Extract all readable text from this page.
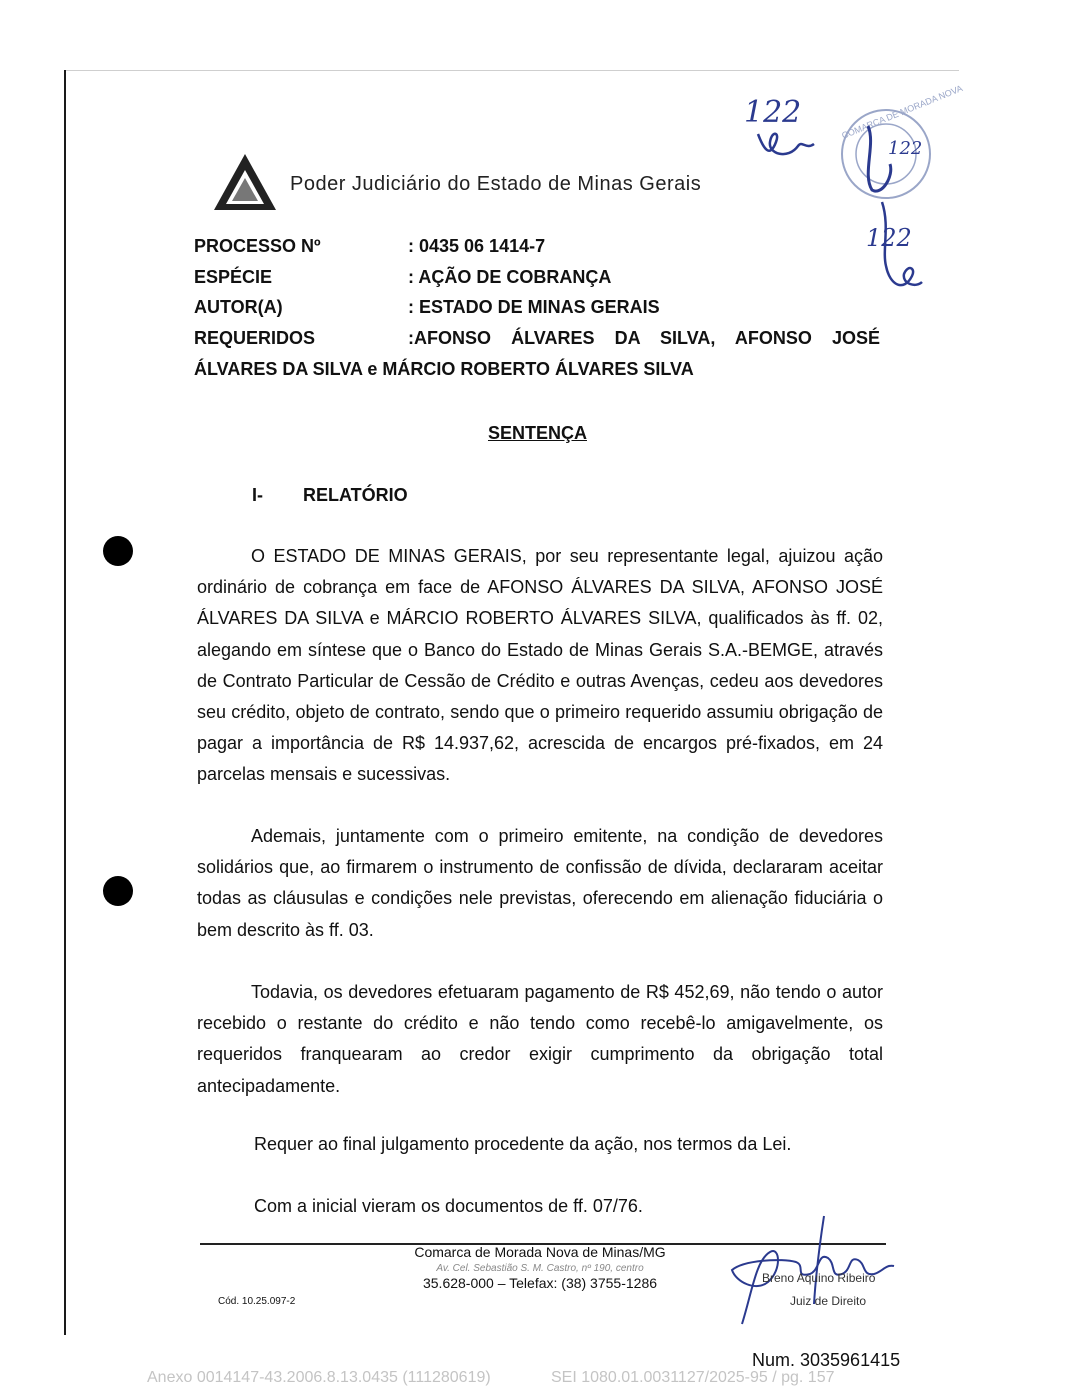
Poder Judiciário do Estado de Minas Gerais
122	COMARCA DE MORADA NOVA
122
122
PROCESSO Nº	: 0435 06 1414-7
ESPÉCIE	: AÇÃO DE COBRANÇA
AUTOR(A)	: ESTADO DE MINAS GERAIS
REQUERIDOS	:AFONSO ÁLVARES DA SILVA, AFONSO JOSÉ
ÁLVARES DA SILVA e MÁRCIO ROBERTO ÁLVARES SILVA
SENTENÇA
I- RELATÓRIO
O ESTADO DE MINAS GERAIS, por seu representante legal, ajuizou ação ordinário de cobrança em face de AFONSO ÁLVARES DA SILVA, AFONSO JOSÉ ÁLVARES DA SILVA e MÁRCIO ROBERTO ÁLVARES SILVA, qualificados às ff. 02, alegando em síntese que o Banco do Estado de Minas Gerais S.A.-BEMGE, através de Contrato Particular de Cessão de Crédito e outras Avenças, cedeu aos devedores seu crédito, objeto de contrato, sendo que o primeiro requerido assumiu obrigação de pagar a importância de R$ 14.937,62, acrescida de encargos pré-fixados, em 24 parcelas mensais e sucessivas.
Ademais, juntamente com o primeiro emitente, na condição de devedores solidários que, ao firmarem o instrumento de confissão de dívida, declararam aceitar todas as cláusulas e condições nele previstas, oferecendo em alienação fiduciária o bem descrito às ff. 03.
Todavia, os devedores efetuaram pagamento de R$ 452,69, não tendo o autor recebido o restante do crédito e não tendo como recebê-lo amigavelmente, os requeridos franquearam ao credor exigir cumprimento da obrigação total antecipadamente.
Requer ao final julgamento procedente da ação, nos termos da Lei.
Com a inicial vieram os documentos de ff. 07/76.
Comarca de Morada Nova de Minas/MG
Av. Cel. Sebastião S. M. Castro, nº 190, centro
35.628-000 – Telefax: (38) 3755-1286
Cód. 10.25.097-2
Breno Aquino Ribeiro
Juiz de Direito
Num. 3035961415
Anexo 0014147-43.2006.8.13.0435 (111280619)	SEI 1080.01.0031127/2025-95 / pg. 157
